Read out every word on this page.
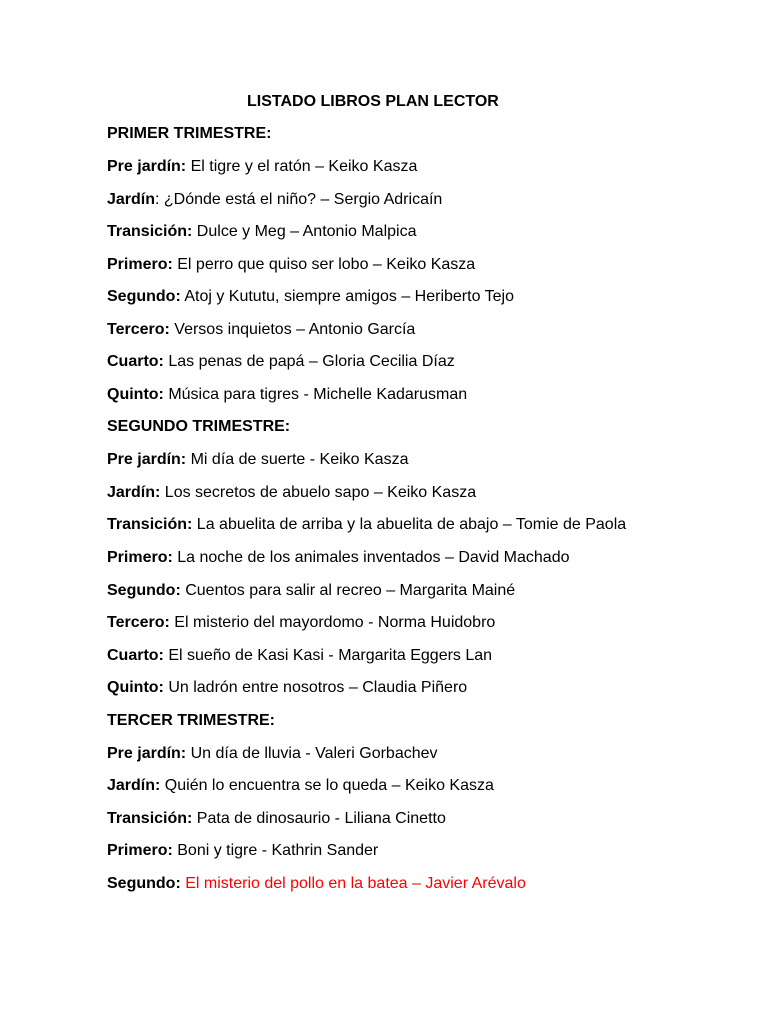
LISTADO LIBROS PLAN LECTOR
PRIMER TRIMESTRE:
Pre jardín: El tigre y el ratón – Keiko Kasza
Jardín: ¿Dónde está el niño? – Sergio Adricaín
Transición: Dulce y Meg – Antonio Malpica
Primero: El perro que quiso ser lobo – Keiko Kasza
Segundo: Atoj y Kututu, siempre amigos – Heriberto Tejo
Tercero: Versos inquietos – Antonio García
Cuarto: Las penas de papá – Gloria Cecilia Díaz
Quinto: Música para tigres - Michelle Kadarusman
SEGUNDO TRIMESTRE:
Pre jardín: Mi día de suerte - Keiko Kasza
Jardín: Los secretos de abuelo sapo – Keiko Kasza
Transición: La abuelita de arriba y la abuelita de abajo – Tomie de Paola
Primero: La noche de los animales inventados – David Machado
Segundo: Cuentos para salir al recreo – Margarita Mainé
Tercero: El misterio del mayordomo - Norma Huidobro
Cuarto: El sueño de Kasi Kasi - Margarita Eggers Lan
Quinto: Un ladrón entre nosotros – Claudia Piñero
TERCER TRIMESTRE:
Pre jardín: Un día de lluvia - Valeri Gorbachev
Jardín: Quién lo encuentra se lo queda – Keiko Kasza
Transición: Pata de dinosaurio - Liliana Cinetto
Primero: Boni y tigre - Kathrin Sander
Segundo: El misterio del pollo en la batea – Javier Arévalo
